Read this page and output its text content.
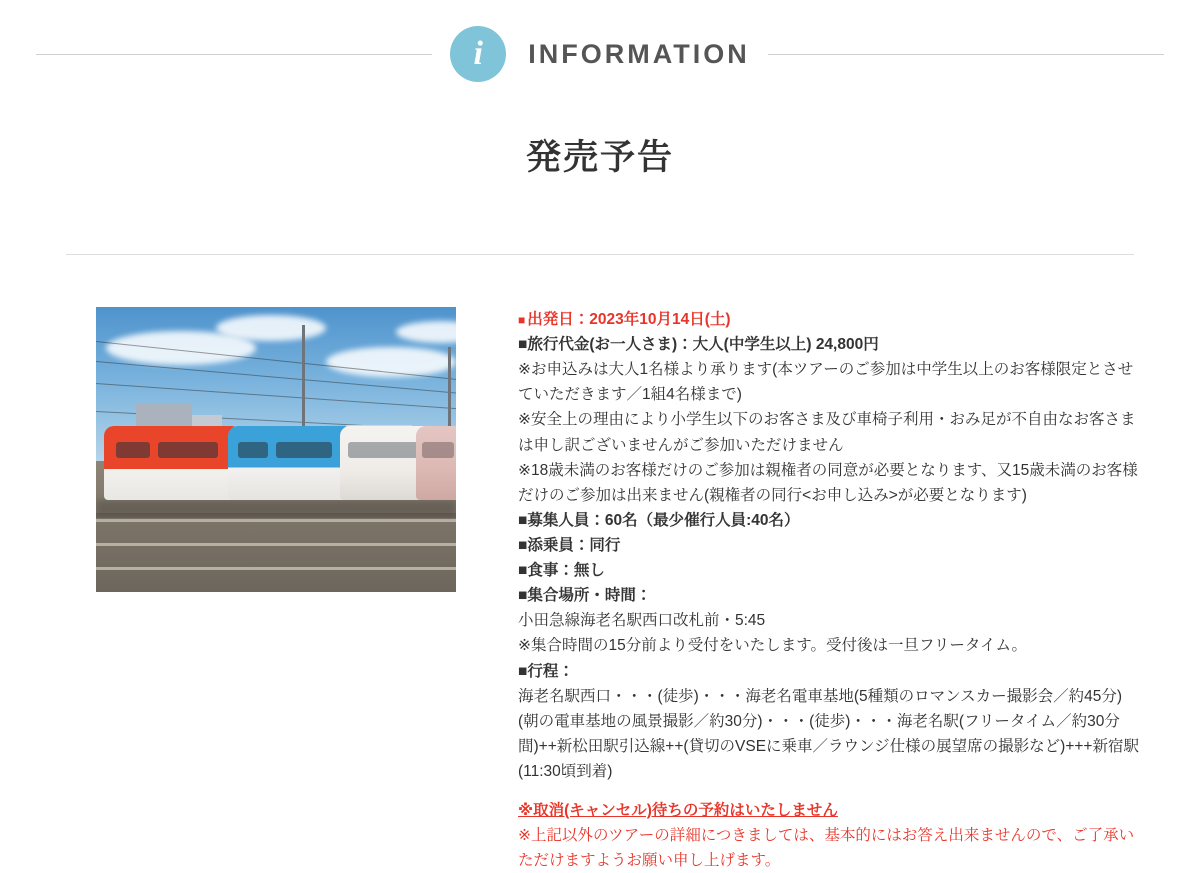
i	INFORMATION
発売予告

■ 出発日：2023年10月14日(土)

■旅行代金(お一人さま)：大人(中学生以上) 24,800円

※お申込みは大人1名様より承ります(本ツアーのご参加は中学生以上のお客様限定とさせていただきます／1組4名様まで)

※安全上の理由により小学生以下のお客さま及び車椅子利用・おみ足が不自由なお客さまは申し訳ございませんがご参加いただけません

※18歳未満のお客様だけのご参加は親権者の同意が必要となります、又15歳未満のお客様だけのご参加は出来ません(親権者の同行<お申し込み>が必要となります)

■募集人員：60名（最少催行人員:40名）

■添乗員：同行

■食事：無し

■集合場所・時間：

小田急線海老名駅西口改札前・5:45

※集合時間の15分前より受付をいたします。受付後は一旦フリータイム。

■行程：

海老名駅西口・・・(徒歩)・・・海老名電車基地(5種類のロマンスカー撮影会／約45分)(朝の電車基地の風景撮影／約30分)・・・(徒歩)・・・海老名駅(フリータイム／約30分間)++新松田駅引込線++(貸切のVSEに乗車／ラウンジ仕様の展望席の撮影など)+++新宿駅(11:30頃到着)

※取消(キャンセル)待ちの予約はいたしません

※上記以外のツアーの詳細につきましては、基本的にはお答え出来ませんので、ご了承いただけますようお願い申し上げます。
